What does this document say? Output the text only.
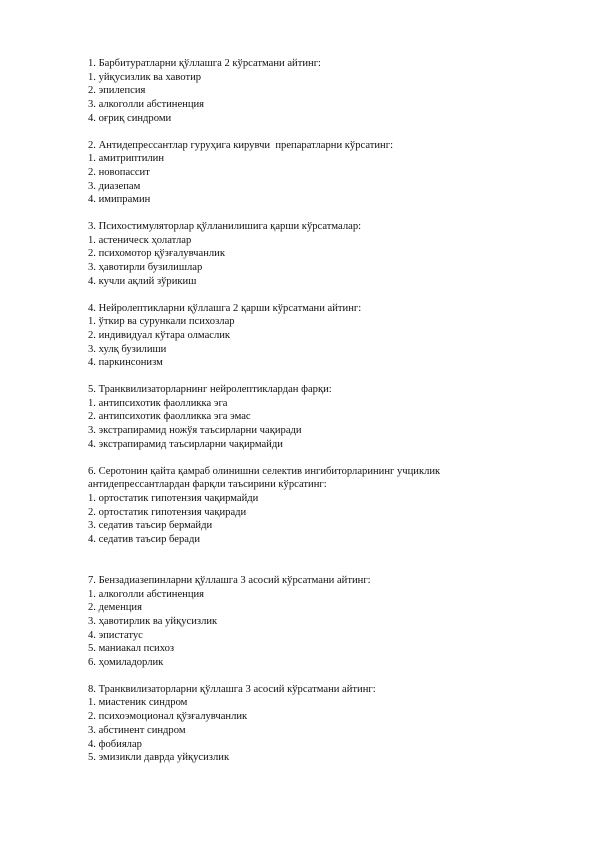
1. Барбитуратларни қўллашга 2 кўрсатмани айтинг:
1. уйқусизлик ва хавотир
2. эпилепсия
3. алкоголли абстиненция
4. оғриқ синдроми
2. Антидепрессантлар гуруҳига кирувчи  препаратларни кўрсатинг:
1. амитриптилин
2. новопассит
3. диазепам
4. имипрамин
3. Психостимуляторлар қўлланилишига қарши кўрсатмалар:
1. астеническ ҳолатлар
2. психомотор қўзғалувчанлик
3. ҳавотирли бузилишлар
4. кучли ақлий зўрикиш
4. Нейролептикларни қўллашга 2 қарши кўрсатмани айтинг:
1. ўткир ва сурункали психозлар
2. индивидуал кўтара олмаслик
3. хулқ бузилиши
4. паркинсонизм
5. Транквилизаторларнинг нейролептиклардан фарқи:
1. антипсихотик фаолликка эга
2. антипсихотик фаолликка эга эмас
3. экстрапирамид ножўя таъсирларни чақиради
4. экстрапирамид таъсирларни чақирмайди
6. Серотонин қайта қамраб олинишни селектив ингибиторларининг учциклик антидепрессантлардан фарқли таъсирини кўрсатинг:
1. ортостатик гипотензия чақирмайди
2. ортостатик гипотензия чақиради
3. седатив таъсир бермайди
4. седатив таъсир беради
7. Бензадиазепинларни қўллашга 3 асосий кўрсатмани айтинг:
1. алкоголли абстиненция
2. деменция
3. ҳавотирлик ва уйқусизлик
4. эпистатус
5. маниакал психоз
6. ҳомиладорлик
8. Транквилизаторларни қўллашга 3 асосий кўрсатмани айтинг:
1. миастеник синдром
2. психоэмоционал қўзғалувчанлик
3. абстинент синдром
4. фобиялар
5. эмизикли даврда уйқусизлик
